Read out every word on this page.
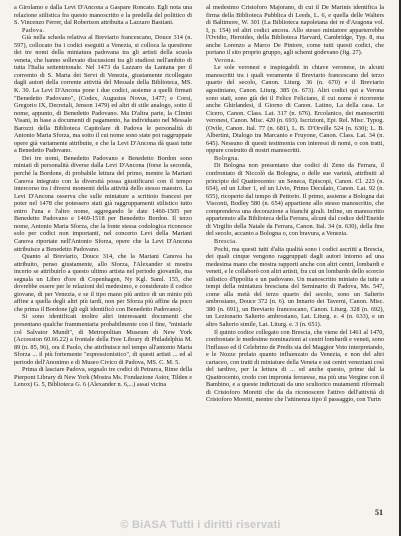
a Girolamo e dalla Levi D'Ancona a Gaspare Roncato. Egli nota una relazione stilistica fra questo manoscritto e la predella del polittico di S. Vincenzo Ferrer, dal Robertson attribuita a Lazzaro Bastiani.

Padova.

Già nella scheda relativa al Breviario francescano, Douce 314 (n. 597), collocato fra i codici eseguiti a Venezia, si colloca la questione dei tre nomi della miniatura padovana tra gli artisti della scuola veneta, che hanno sollevato discussioni tra gli studiosi nell'ambito di tutta l'Italia settentrionale. Nel 1473 da Lazzaro da Lantana per il convento di S. Maria dei Servi di Venezia, giustamente ricollegato dagli autori della corrente attività del Messale della Biblioteca, MS. K. 30. La Levi D'Ancona pone i due codici, assieme a quelli firmati "Benedetto Padovano", (Codex, Augustus Novus, 1477; e Corsi, Gregorio IX, Decretali, Jenson 1479) ed altri di stile analogo, sotto il nome, appunto, di Benedetto Padovano. Ma D'altra parte, la Clinini Visani, in base a documenti di pagamento, ha individuato nel Messale Barozzi della Biblioteca Capitolare di Padova le personalità di Antonio Maria Sforza, ma sotto il cui nome sono state poi raggruppate opere già variamente attribuite, e che la Levi D'Ancona dà quasi tutte a Benedetto Padovano.

Dei tre nomi, Benedetto Padovano e Benedetto Bordon sono miniati di personalità diverse dalla Levi D'Ancona (forse la seconda, perché la Bordone, di probabile lettura del primo, mentre la Mariani Canova integrato con la diversità possa giustificarsi con il tempo intercorso tra i diversi momenti della attività dello stesso maestro. La Levi D'Ancona osserva che sulle miniature a scrittoio francesi per poter nel 1478 che potessero stati già raggruppamenti stilistico tutto entro l'una e l'altro nome, aggregando le date 1460-1505 per Benedetto Padovano e 1469-1518 per Benedetto Bordon. Il terzo nome, Antonio Maria Sforza, che la fonte stessa codologica riconosce solo per codici non importanti, nel concerto Levi della Mariani Canova riportate nell'Antonio Sforza, opere che la Levi D'Ancona attribuisce a Benedetto Padovano.

Quanto al Breviario, Douce 314, che la Mariani Canova ha attribuito, penso giustamente, allo Sforza, l'Alexander si mostra incerto se attribuirlo a questo ultimo artista nel periodo giovanile, ma segnala un Libro d'ore di Copenhagen, Ny Kgl. Saml. 155, che dovrebbe essere per le relazioni del medesimo, e considerato il codice giovane, di per Venezia, e se il tipo mano più antico di un minio più affine a quella degli altri più tardi, non per Sforza più affine da poco che prima il Bordone (gli egli identificò con Benedetto Padovano).

Si sono identificati inoltre altri interessanti documenti che presentano qualche frammentaria probabilmente con il fine, "miniarle col Salvator Mundi", di Metropolitan Museum di New York (Accession 60.66.22) a frontale della Free Library di Philadelphia M. 89 (n. 85, 96), ora il Paolo, che attribuisce nel tempo all'antonio Maria Sforza ... il più fortemente "espressionistico", di questi artisti ... ed al periodo dell'Anonimo e di Museo Civico di Padova, MS. C. M. 5.

Prima di lasciare Padova, segnalo tre codici di Petrarca, Rime della Pierpont Library di New York (Mostra Ms. Fondazione Astor, Tilden e Lenox) G. 5, Biblioteca G. 6 (Alexander n. 6,...) assai vicina

al medesimo Cristoforo Majorano, di cui il De Marinis identifica la firma della Biblioteca Pubblica di Leeds, L. 6, e quella delle Walters di Baltimore, W. 301 (La Biblioteca napoletana dei re d'Aragona vol. I, p. 154) ed altri codici ancora. Allo stesso miniatore apparterrebbe l'Ovidio, Heroides, della Biblioteca Harvard, Cambridge, Typ. 8, ma anche Lorenzo a Marco De Pintore, come tutti questi codici, che portano il sito proprio gruppo, agli schemi godevano (fig. 27).

Verona.

Le sole veronesi e inspiegabili in chiave veronese, in alcuni manoscritti tra i quali veramente il Breviario francescano del terzo quarto del secolo, Canon. Liturg. 36 (n. 670) e il Breviario agostiniano, Canon. Liturg. 385 (n. 673). Altri codici qui a Verona sono stati, sono già dei il Felice Feliciano, il cui nome è ricorrente anche Ghirlandesi, il Giorno di Canon. Latino, La della casa. Le Cicero, Canon. Class. Lat. 317 (n. 676). Ercolanico, dei manoscritti veronesi, Canon. Misc. 420 (n. 693). Iscrizioni, Epi. Rel. Misc. Typog. (Ovile, Canon. Ital. 77 (n. 681), L. B. D'Orville 524 (n. 630); L. B. Albertini, Dialogo tra Marcanio e Fruyone, Canon. Class. Lat. 34 (n. 645). Nessuno di questi testimonia con interessi di nomi, o con tratti, oppure costrutto di nostri manoscritti.

Bologna.

Di Bologna non presentano due codici di Zeno da Ferrara, il confrontato di Niccolò da Bologna, o delle sue varietà, attribuiti al principio del Quattrocento: un Seneca, Episcopi, Canon. Cl. 223 (n. 654), ed un Liber 1, ed un Livio, Primo Deculato, Canon. Lat. 92 (n. 655), ricoperto dal tempo di Pettorio. Il primo, assieme a Bologna dai Visconti, Bodley 580 (n. 654) appartiene allo stesso manoscritto, che comprendeva una decorazione a bianchi girali. Infine, un manoscritto appartenuto alla Biblioteca della Ferrara, alcuni dal codice dell'Eneide di Virgilio della Natale da Ferrara, Canon. Ital. 34 (n. 630), della fine del secolo, accanto a Bologna o, con bravura, a Venezia.

Brescia.

Pochi, ma questi tutti d'alta qualità sono i codici ascritti a Brescia, dei quali cinque vengono raggruppati dagli autori intorno ad una medesima mano che mostra rapporti anche con altri centri, lombardi e veneti, e le collaborò con altri artisti, fra cui un lombardo dello scorcio stilistico d'Ippolita e un padovano. Un manoscritto miniato da tutte a tempi della miniatura bresciana del Seminario di Padova, Ms. 547, come alla metà del terzo quarto del secolo, sono un Salterio ambrosiano, Douce 372 (n. 6). un Innario dei Taverni, Canon. Misc. 380 (n. 691), un Breviario francescano, Canon. Liturg. 328 (n. 692), un Lezionario Salterio ambrosiano, Lat. Liturg. e. 4 (n. 633), e un altro Salterio simile, Lat. Liturg. e. 3 (n. 651).

Il quinto codice collegato con Brescia, che viene del 1461 al 1470, confrontate le medesime nominazioni ai centri lombardi e veneti, sono l'influsso ed il Celebrino de Predis sia del Maggior Voto interpretando, e le Nozze prelato quanto influenzato da Venezia, e non del altri cartaceo, con tratti di miniature della Veneta e sui centri veneziani così del tardivo, per la lettura di ... ed anche questo, prime dal la Quattrocento, credo con impronta ferrarese, ma più una Vergine con il Bambino, e a queste indirizzati da uno scultorico mutamenti riformali di Cristoforo Moretti che da da riconoscere l'attivo dell'attività di Cristoforo Moretti, mentre che l'attinenza tipo il passaggio, con Turin

51
© BiASA Tutti i diritti riservati
